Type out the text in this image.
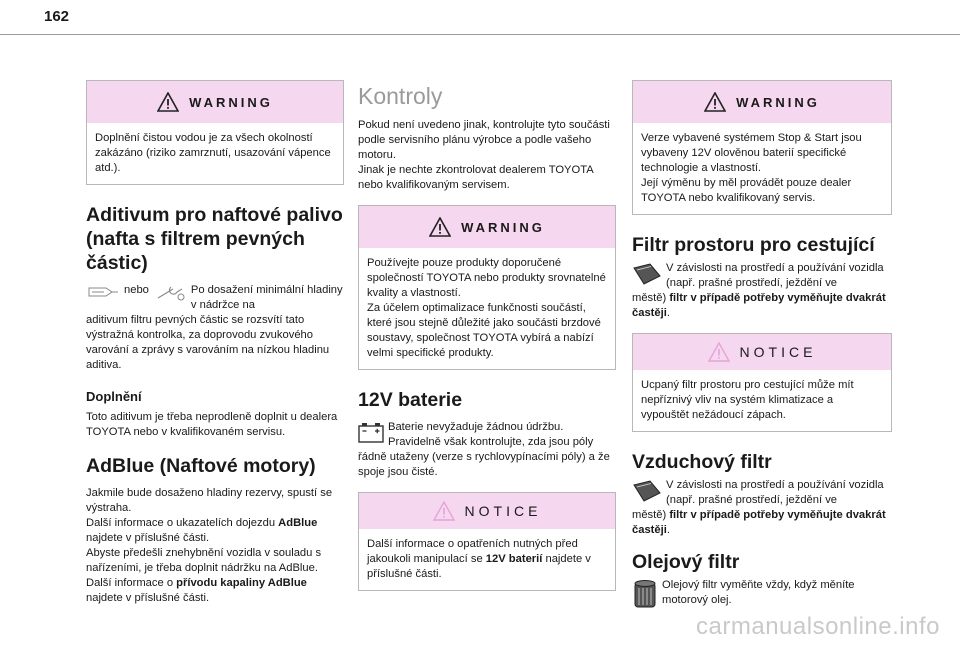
162
WARNING
Doplnění čistou vodou je za všech okolností zakázáno (riziko zamrznutí, usazování vápence atd.).
Aditivum pro naftové palivo (nafta s filtrem pevných částic)
nebo	Po dosažení minimální hladiny v nádržce na
aditivum filtru pevných částic se rozsvítí tato výstražná kontrolka, za doprovodu zvukového varování a zprávy s varováním na nízkou hladinu aditiva.
Doplnění
Toto aditivum je třeba neprodleně doplnit u dealera TOYOTA nebo v kvalifikovaném servisu.
AdBlue (Naftové motory)
Jakmile bude dosaženo hladiny rezervy, spustí se výstraha.
Další informace o ukazatelích dojezdu AdBlue najdete v příslušné části.
Abyste předešli znehybnění vozidla v souladu s nařízeními, je třeba doplnit nádržku na AdBlue.
Další informace o přívodu kapaliny AdBlue najdete v příslušné části.
Kontroly
Pokud není uvedeno jinak, kontrolujte tyto součásti podle servisního plánu výrobce a podle vašeho motoru.
Jinak je nechte zkontrolovat dealerem TOYOTA nebo kvalifikovaným servisem.
WARNING
Používejte pouze produkty doporučené společností TOYOTA nebo produkty srovnatelné kvality a vlastností.
Za účelem optimalizace funkčnosti součástí, které jsou stejně důležité jako součásti brzdové soustavy, společnost TOYOTA vybírá a nabízí velmi specifické produkty.
12V baterie
Baterie nevyžaduje žádnou údržbu. Pravidelně však kontrolujte, zda jsou póly
řádně utaženy (verze s rychlovypínacími póly) a že spoje jsou čisté.
NOTICE
Další informace o opatřeních nutných před jakoukoli manipulací se 12V baterií najdete v příslušné části.
WARNING
Verze vybavené systémem Stop & Start jsou vybaveny 12V olověnou baterií specifické technologie a vlastností.
Její výměnu by měl provádět pouze dealer TOYOTA nebo kvalifikovaný servis.
Filtr prostoru pro cestující
V závislosti na prostředí a používání vozidla (např. prašné prostředí, ježdění ve
městě) filtr v případě potřeby vyměňujte dvakrát častěji.
NOTICE
Ucpaný filtr prostoru pro cestující může mít nepříznivý vliv na systém klimatizace a vypouštět nežádoucí zápach.
Vzduchový filtr
V závislosti na prostředí a používání vozidla (např. prašné prostředí, ježdění ve
městě) filtr v případě potřeby vyměňujte dvakrát častěji.
Olejový filtr
Olejový filtr vyměňte vždy, když měníte motorový olej.
carmanualsonline.info
